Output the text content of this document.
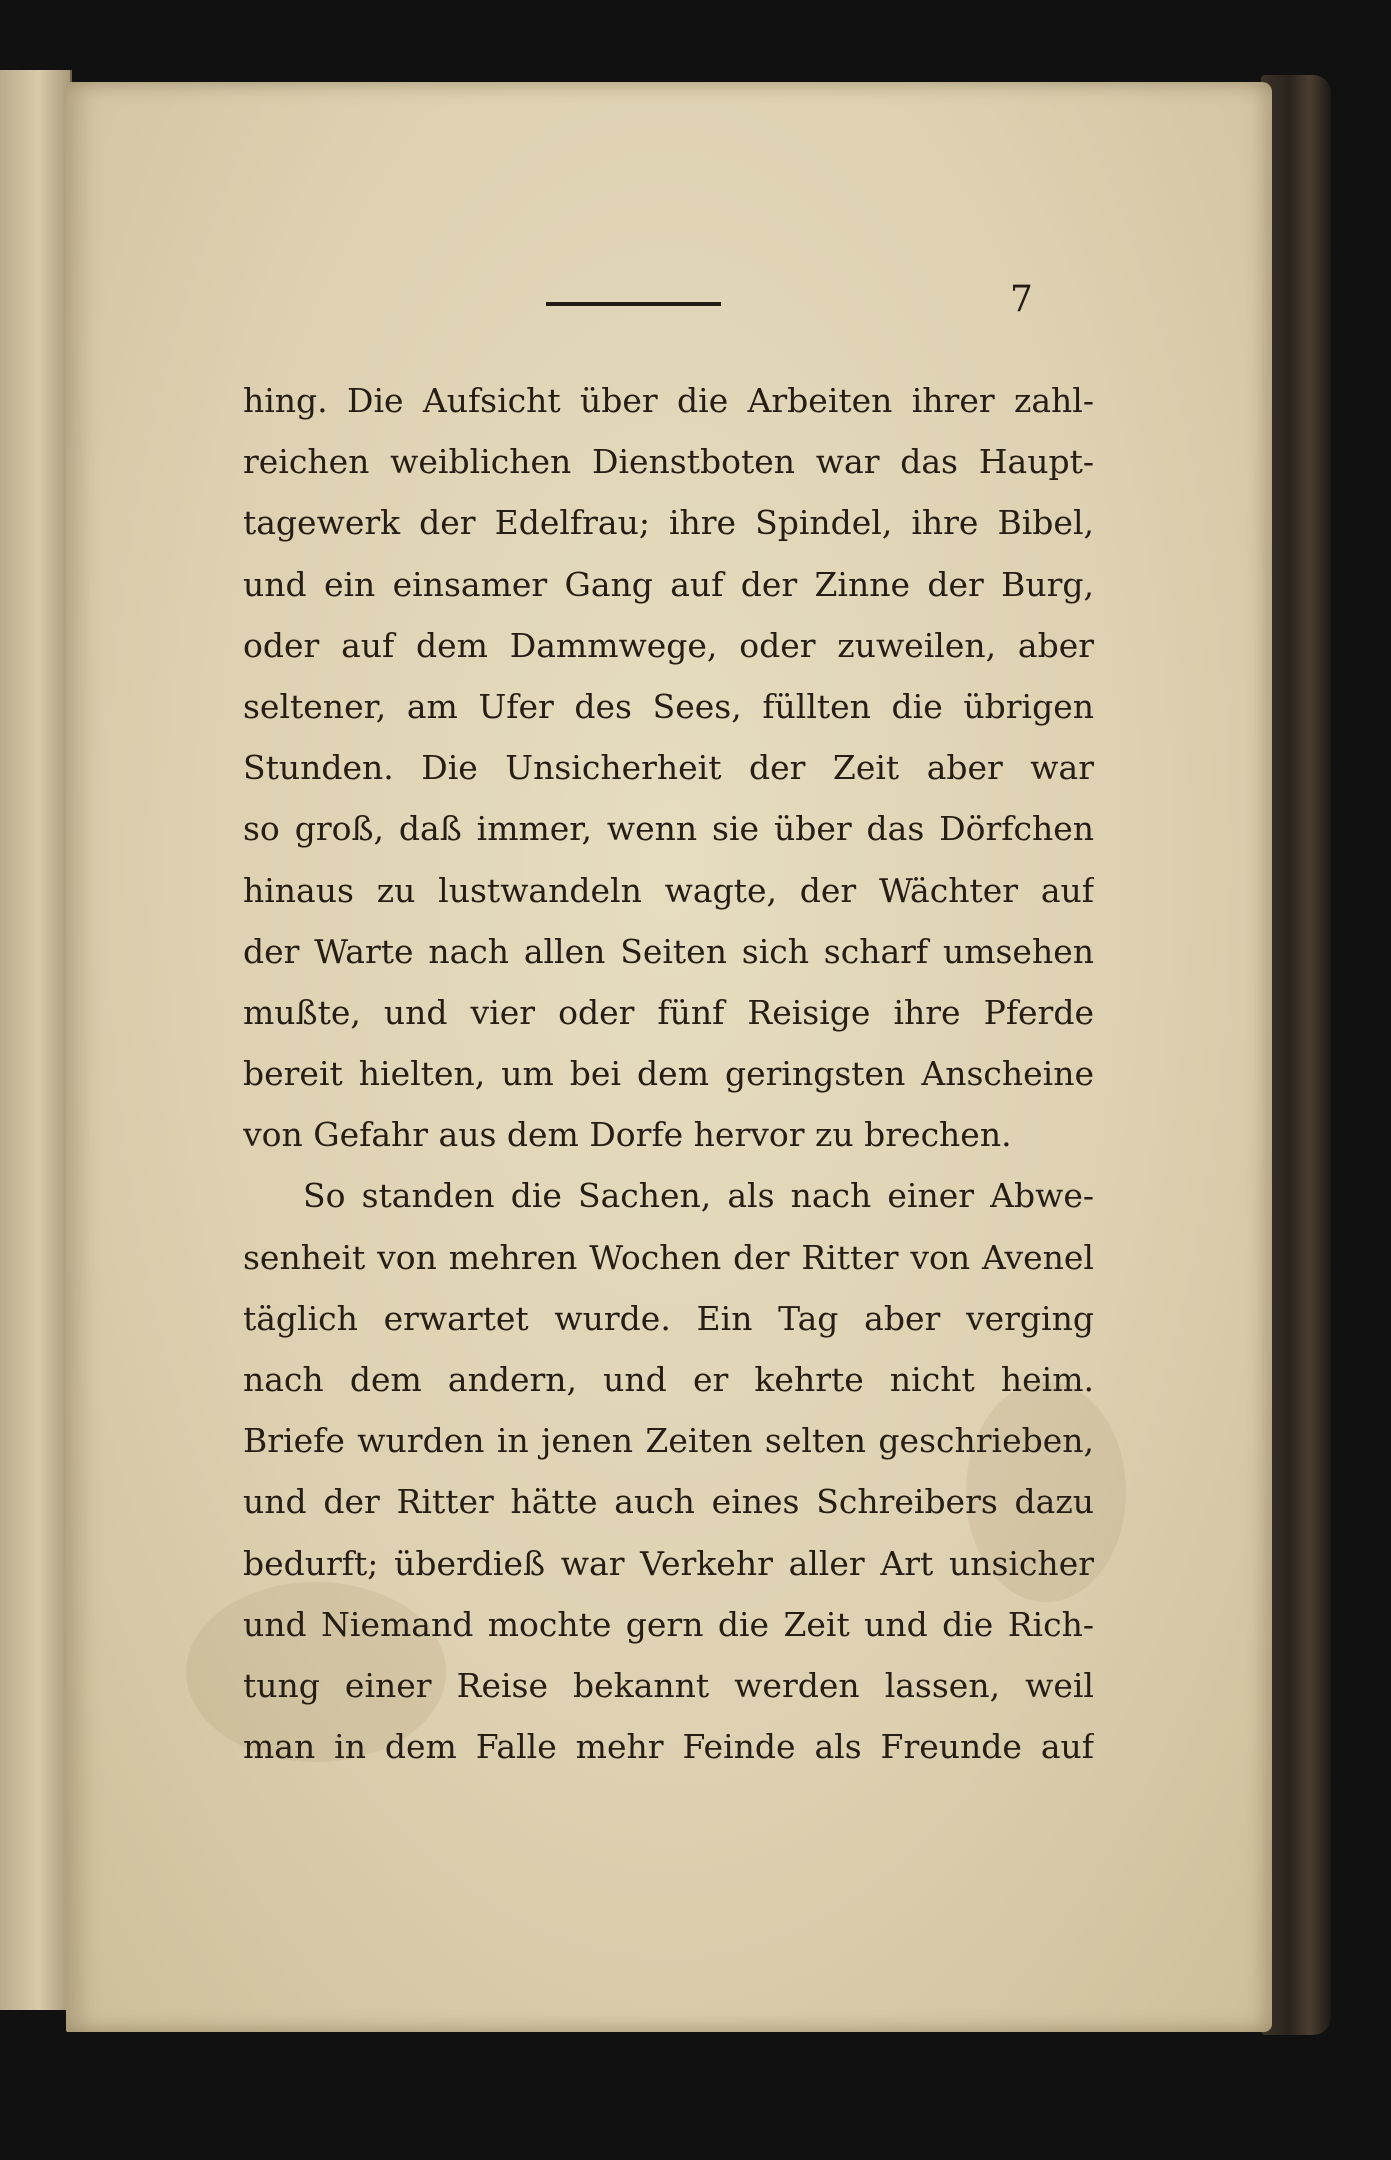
7
hing. Die Aufsicht über die Arbeiten ihrer zahl-
reichen weiblichen Dienstboten war das Haupt-
tagewerk der Edelfrau; ihre Spindel, ihre Bibel,
und ein einsamer Gang auf der Zinne der Burg,
oder auf dem Dammwege, oder zuweilen, aber
seltener, am Ufer des Sees, füllten die übrigen
Stunden. Die Unsicherheit der Zeit aber war
so groß, daß immer, wenn sie über das Dörfchen
hinaus zu lustwandeln wagte, der Wächter auf
der Warte nach allen Seiten sich scharf umsehen
mußte, und vier oder fünf Reisige ihre Pferde
bereit hielten, um bei dem geringsten Anscheine
von Gefahr aus dem Dorfe hervor zu brechen.
So standen die Sachen, als nach einer Abwe-
senheit von mehren Wochen der Ritter von Avenel
täglich erwartet wurde. Ein Tag aber verging
nach dem andern, und er kehrte nicht heim.
Briefe wurden in jenen Zeiten selten geschrieben,
und der Ritter hätte auch eines Schreibers dazu
bedurft; überdieß war Verkehr aller Art unsicher
und Niemand mochte gern die Zeit und die Rich-
tung einer Reise bekannt werden lassen, weil
man in dem Falle mehr Feinde als Freunde auf
